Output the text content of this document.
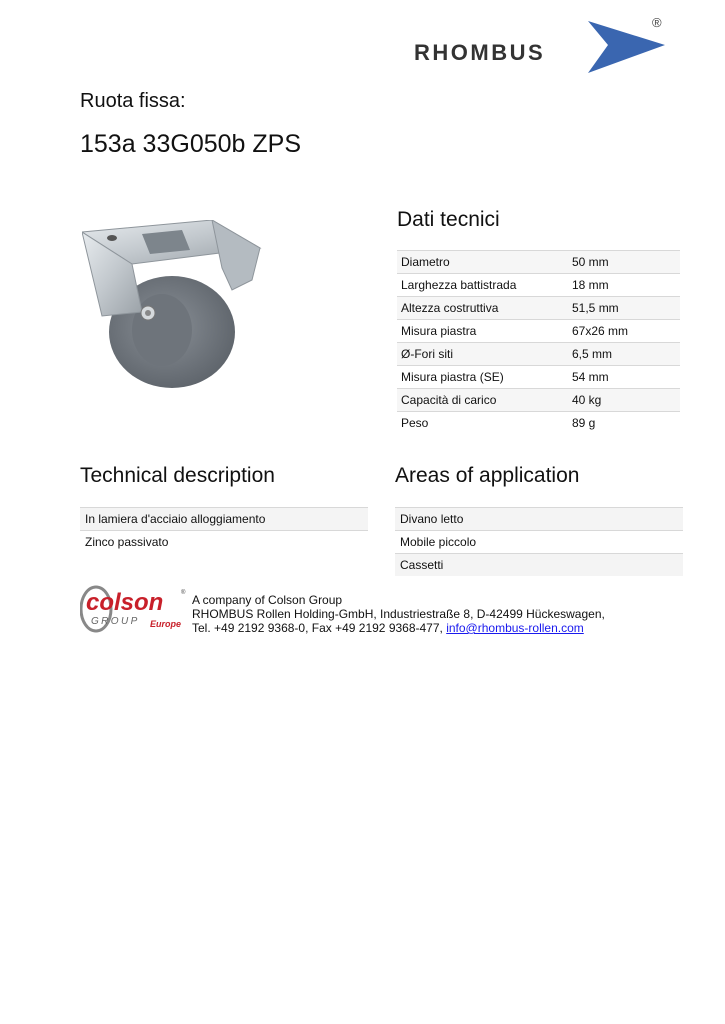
RHOMBUS
®
Ruota fissa:
153a 33G050b ZPS
Dati tecnici
Diametro	50 mm
Larghezza battistrada	18 mm
Altezza costruttiva	51,5 mm
Misura piastra	67x26 mm
Ø-Fori siti	6,5 mm
Misura piastra (SE)	54 mm
Capacità di carico	40 kg
Peso	89 g
Technical description
In lamiera d'acciaio alloggiamento
Zinco passivato
Areas of application
Divano letto
Mobile piccolo
Cassetti
colson	®
GROUP Europe
A company of Colson Group
RHOMBUS Rollen Holding-GmbH, Industriestraße 8, D-42499 Hückeswagen,
Tel. +49 2192 9368-0, Fax +49 2192 9368-477, info@rhombus-rollen.com
